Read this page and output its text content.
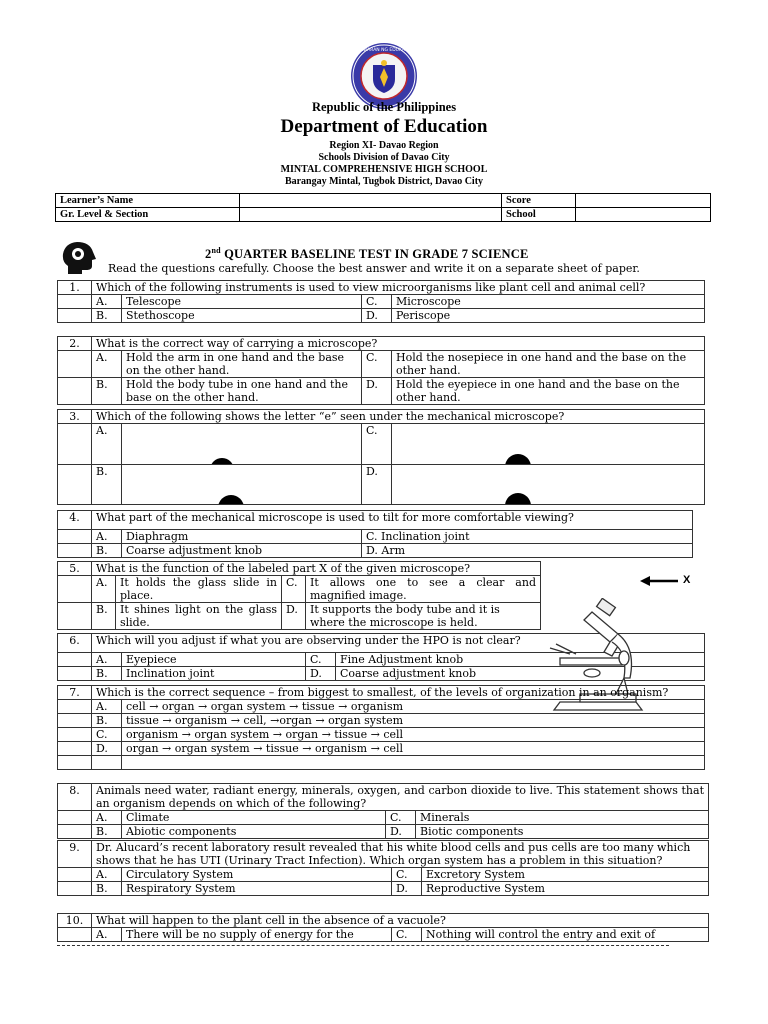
KAGAWARAN NG EDUKASYON
Republic of the Philippines
Department of Education
Region XI- Davao Region
Schools Division of Davao City
MINTAL COMPREHENSIVE HIGH SCHOOL
Barangay Mintal, Tugbok District, Davao City
Learner’s Name		Score	
Gr. Level & Section		School	
2nd QUARTER BASELINE TEST IN GRADE 7 SCIENCE
Read the questions carefully. Choose the best answer and write it on a separate sheet of paper.
1.	Which of the following instruments is used to view microorganisms like plant cell and animal cell?			
	A.	Telescope	C.	Microscope
	B.	Stethoscope	D.	Periscope
2.	What is the correct way of carrying a microscope?			
	A.	Hold the arm in one hand and the base on the other hand.	C.	Hold the nosepiece in one hand and the base on the other hand.
	B.	Hold the body tube in one hand and the base on the other hand.	D.	Hold the eyepiece in one hand and the base on the other hand.
3.	Which of the following shows the letter “e” seen under the mechanical microscope?			
	A.		C.	

	B.		D.	
4.	What part of the mechanical microscope is used to tilt for more comfortable viewing?		
	A.	Diaphragm	C. Inclination joint
	B.	Coarse adjustment knob	D. Arm
5.	What is the function of the labeled part X of the given microscope?			
	A.	It holds the glass slide in place.	C.	It allows one to see a clear and magnified image.
	B.	It shines light on the glass slide.	D.	It supports the body tube and it is where the microscope is held.
X
6.	Which will you adjust if what you are observing under the HPO is not clear?			
	A.	Eyepiece	C.	Fine Adjustment knob
	B.	Inclination joint	D.	Coarse adjustment knob
7.	Which is the correct sequence – from biggest to smallest, of the levels of organization in an organism?	
	A.	cell → organ → organ system → tissue → organism
	B.	tissue → organism → cell, →organ → organ system
	C.	organism → organ system → organ → tissue → cell
	D.	organ → organ system → tissue → organism → cell

8.	Animals need water, radiant energy, minerals, oxygen, and carbon dioxide to live. This statement shows that an organism depends on which of the following?			
	A.	Climate	C.	Minerals
	B.	Abiotic components	D.	Biotic components
9.	Dr. Alucard’s recent laboratory result revealed that his white blood cells and pus cells are too many which shows that he has UTI (Urinary Tract Infection). Which organ system has a problem in this situation?			
	A.	Circulatory System	C.	Excretory System
	B.	Respiratory System	D.	Reproductive System
10.	What will happen to the plant cell in the absence of a vacuole?			
	A.	There will be no supply of energy for the	C.	Nothing will control the entry and exit of
